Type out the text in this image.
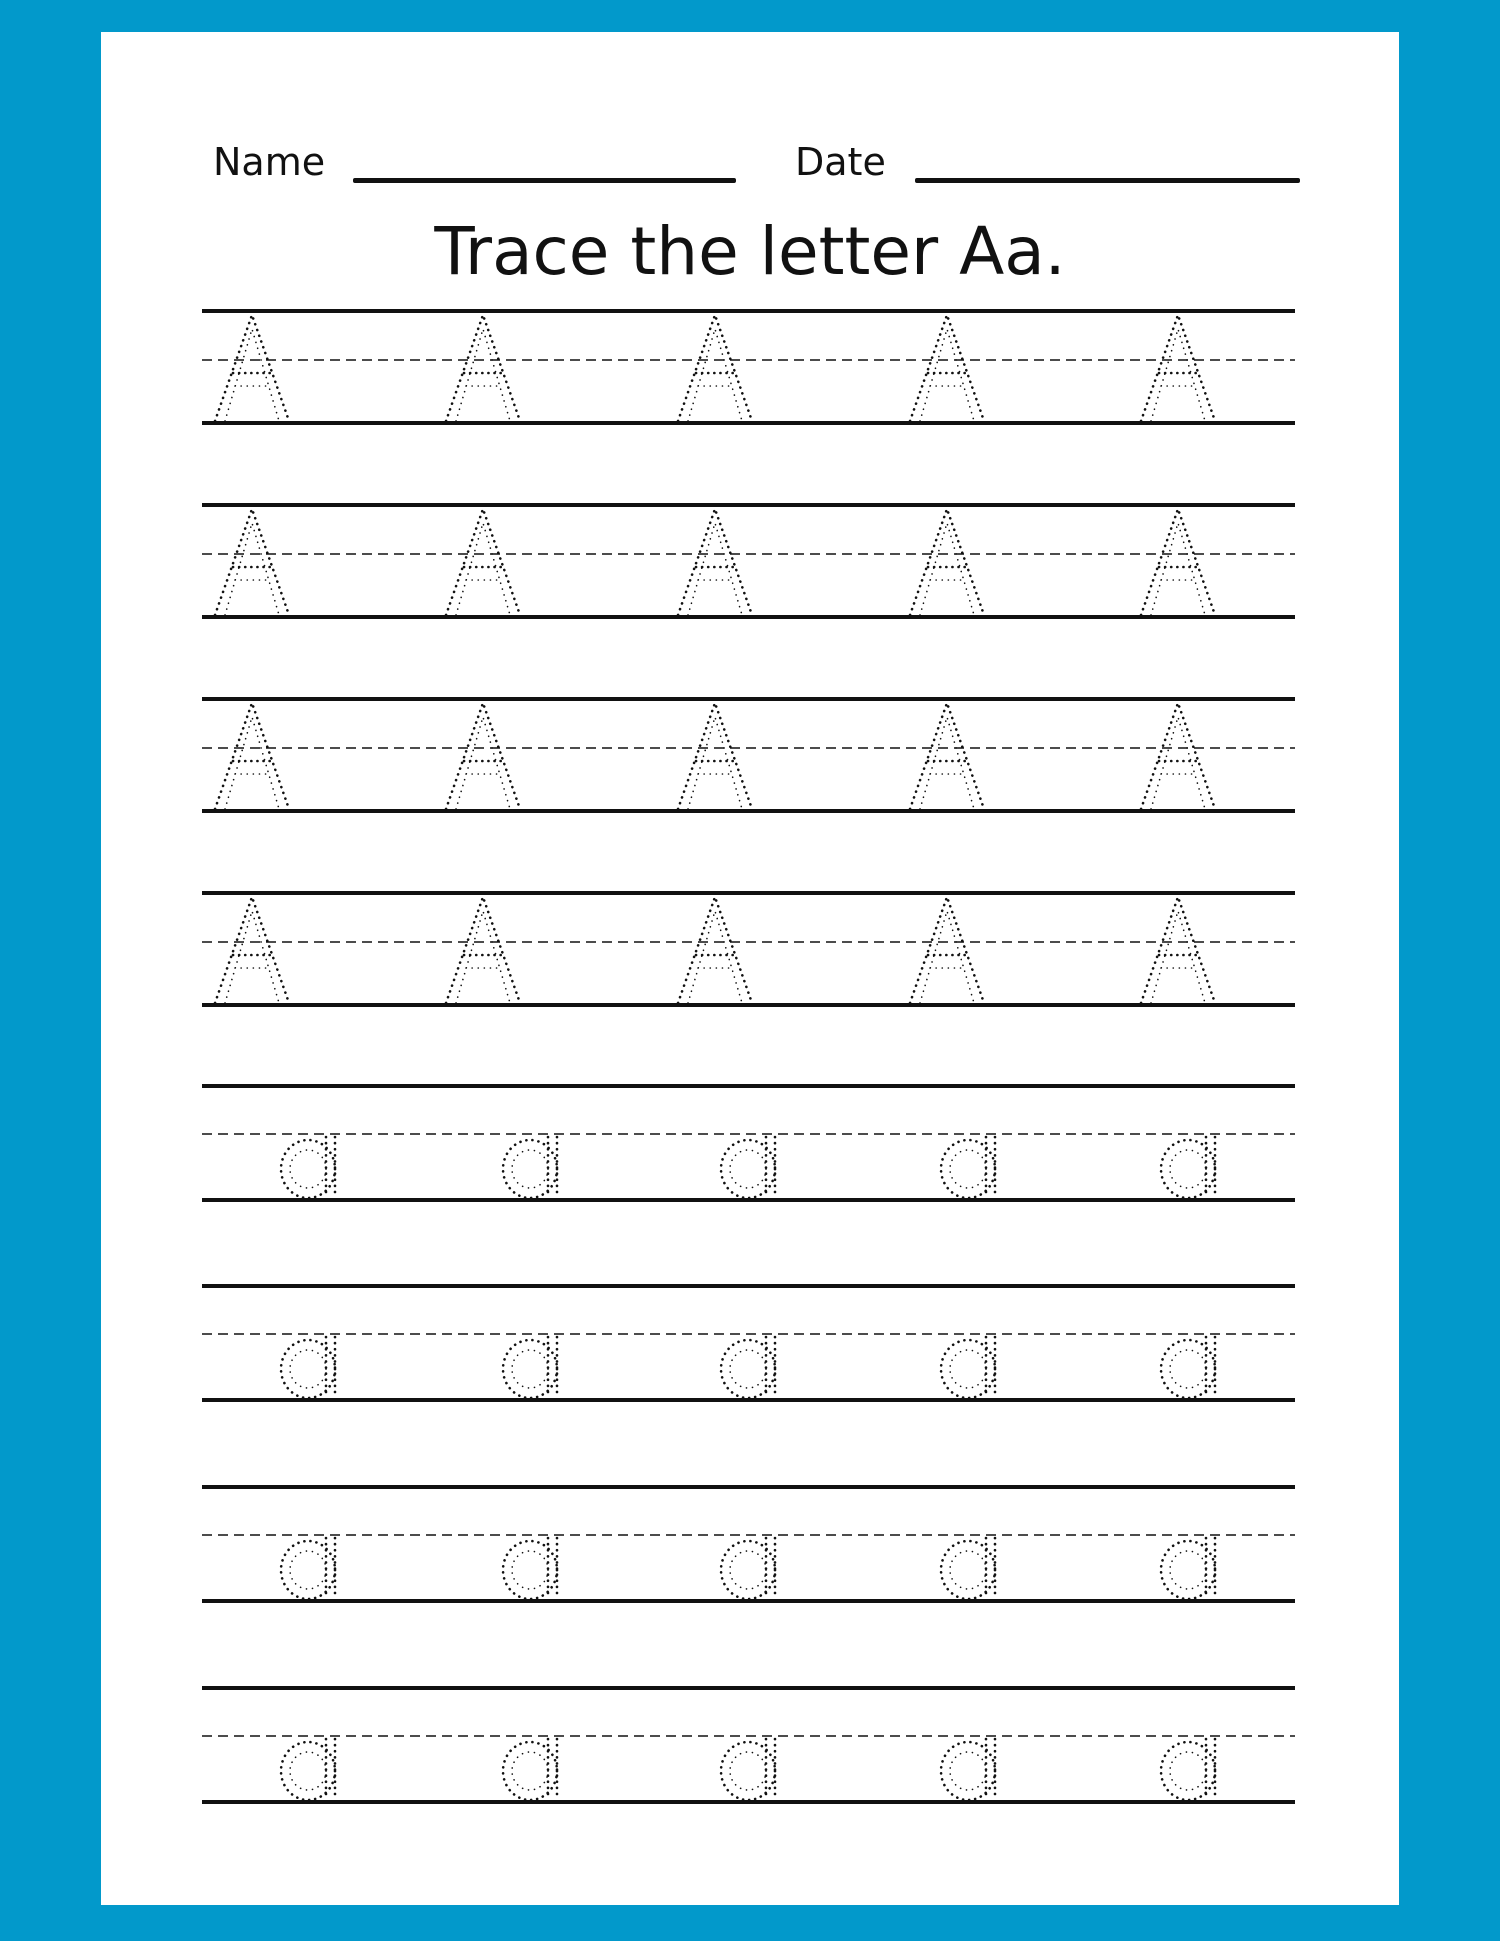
Name	Date
Trace the letter Aa.
